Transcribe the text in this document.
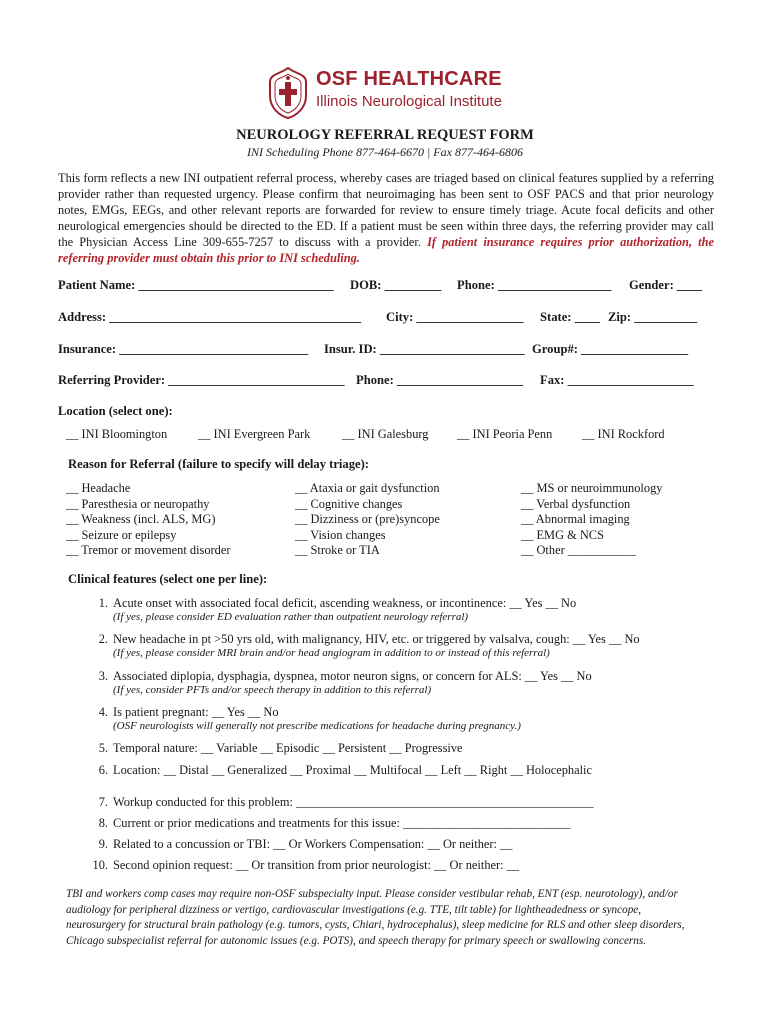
OSF HEALTHCARE
Illinois Neurological Institute
NEUROLOGY REFERRAL REQUEST FORM
INI Scheduling Phone 877-464-6670 | Fax 877-464-6806
This form reflects a new INI outpatient referral process, whereby cases are triaged based on clinical features supplied by a referring provider rather than requested urgency. Please confirm that neuroimaging has been sent to OSF PACS and that prior neurology notes, EMGs, EEGs, and other relevant reports are forwarded for review to ensure timely triage. Acute focal deficits and other neurological emergencies should be directed to the ED. If a patient must be seen within three days, the referring provider may call the Physician Access Line 309-655-7257 to discuss with a provider. If patient insurance requires prior authorization, the referring provider must obtain this prior to INI scheduling.
Patient Name: _______________________________ DOB: _________ Phone: __________________ Gender: ____
Address: ________________________________________ City: _________________ State: ____ Zip: __________
Insurance: ______________________________ Insur. ID: _______________________ Group#: _________________
Referring Provider: ____________________________ Phone: ____________________ Fax: ____________________
Location (select one):
__ INI Bloomington __ INI Evergreen Park	__ INI Galesburg __ INI Peoria Penn __ INI Rockford
Reason for Referral (failure to specify will delay triage):
__ Headache
__ Paresthesia or neuropathy
__ Weakness (incl. ALS, MG)
__ Seizure or epilepsy
__ Tremor or movement disorder
__ Ataxia or gait dysfunction
__ Cognitive changes
__ Dizziness or (pre)syncope
__ Vision changes
__ Stroke or TIA
__ MS or neuroimmunology
__ Verbal dysfunction
__ Abnormal imaging
__ EMG & NCS
__ Other ___________
Clinical features (select one per line):
1. Acute onset with associated focal deficit, ascending weakness, or incontinence: __ Yes __ No
(If yes, please consider ED evaluation rather than outpatient neurology referral)
2. New headache in pt >50 yrs old, with malignancy, HIV, etc. or triggered by valsalva, cough: __ Yes __ No
(If yes, please consider MRI brain and/or head angiogram in addition to or instead of this referral)
3. Associated diplopia, dysphagia, dyspnea, motor neuron signs, or concern for ALS: __ Yes __ No
(If yes, consider PFTs and/or speech therapy in addition to this referral)
4. Is patient pregnant: __ Yes __ No
(OSF neurologists will generally not prescribe medications for headache during pregnancy.)
5. Temporal nature: __ Variable __ Episodic __ Persistent __ Progressive
6. Location: __ Distal __ Generalized __ Proximal __ Multifocal __ Left __ Right __ Holocephalic
7. Workup conducted for this problem: ________________________________________________
8. Current or prior medications and treatments for this issue: ___________________________
9. Related to a concussion or TBI: __ Or Workers Compensation: __ Or neither: __
10. Second opinion request: __ Or transition from prior neurologist: __ Or neither: __
TBI and workers comp cases may require non-OSF subspecialty input. Please consider vestibular rehab, ENT (esp. neurotology), and/or audiology for peripheral dizziness or vertigo, cardiovascular investigations (e.g. TTE, tilt table) for lightheadedness or syncope, neurosurgery for structural brain pathology (e.g. tumors, cysts, Chiari, hydrocephalus), sleep medicine for RLS and other sleep disorders, Chicago subspecialist referral for autonomic issues (e.g. POTS), and speech therapy for primary speech or swallowing concerns.
